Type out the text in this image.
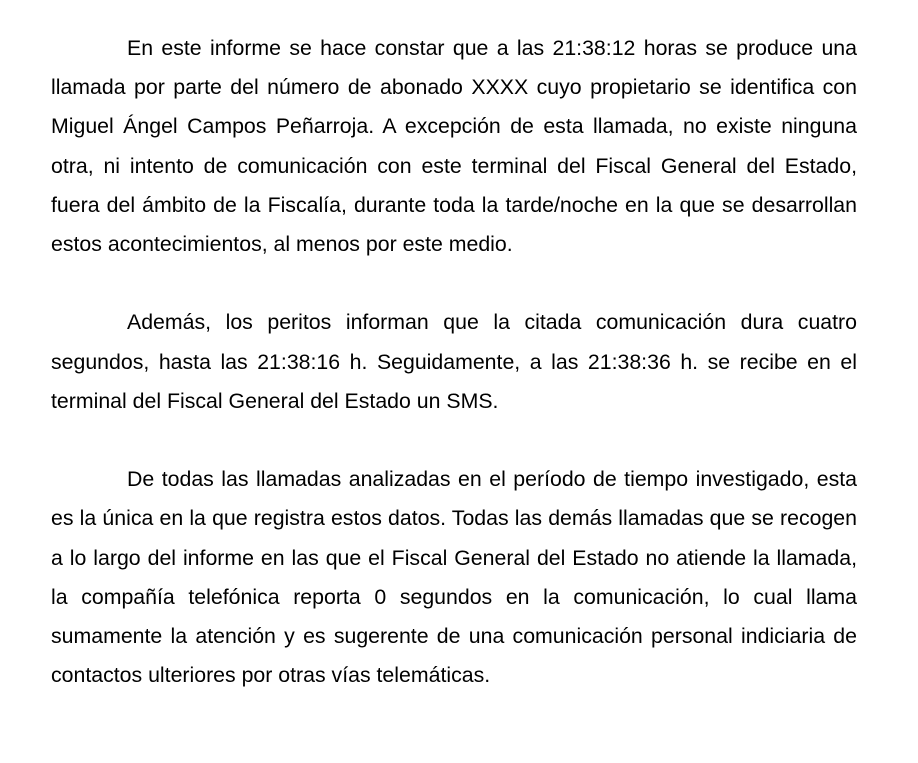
En este informe se hace constar que a las 21:38:12 horas se produce una llamada por parte del número de abonado XXXX cuyo propietario se identifica con Miguel Ángel Campos Peñarroja. A excepción de esta llamada, no existe ninguna otra, ni intento de comunicación con este terminal del Fiscal General del Estado, fuera del ámbito de la Fiscalía, durante toda la tarde/noche en la que se desarrollan estos acontecimientos, al menos por este medio.

Además, los peritos informan que la citada comunicación dura cuatro segundos, hasta las 21:38:16 h. Seguidamente, a las 21:38:36 h. se recibe en el terminal del Fiscal General del Estado un SMS.

De todas las llamadas analizadas en el período de tiempo investigado, esta es la única en la que registra estos datos. Todas las demás llamadas que se recogen a lo largo del informe en las que el Fiscal General del Estado no atiende la llamada, la compañía telefónica reporta 0 segundos en la comunicación, lo cual llama sumamente la atención y es sugerente de una comunicación personal indiciaria de contactos ulteriores por otras vías telemáticas.
